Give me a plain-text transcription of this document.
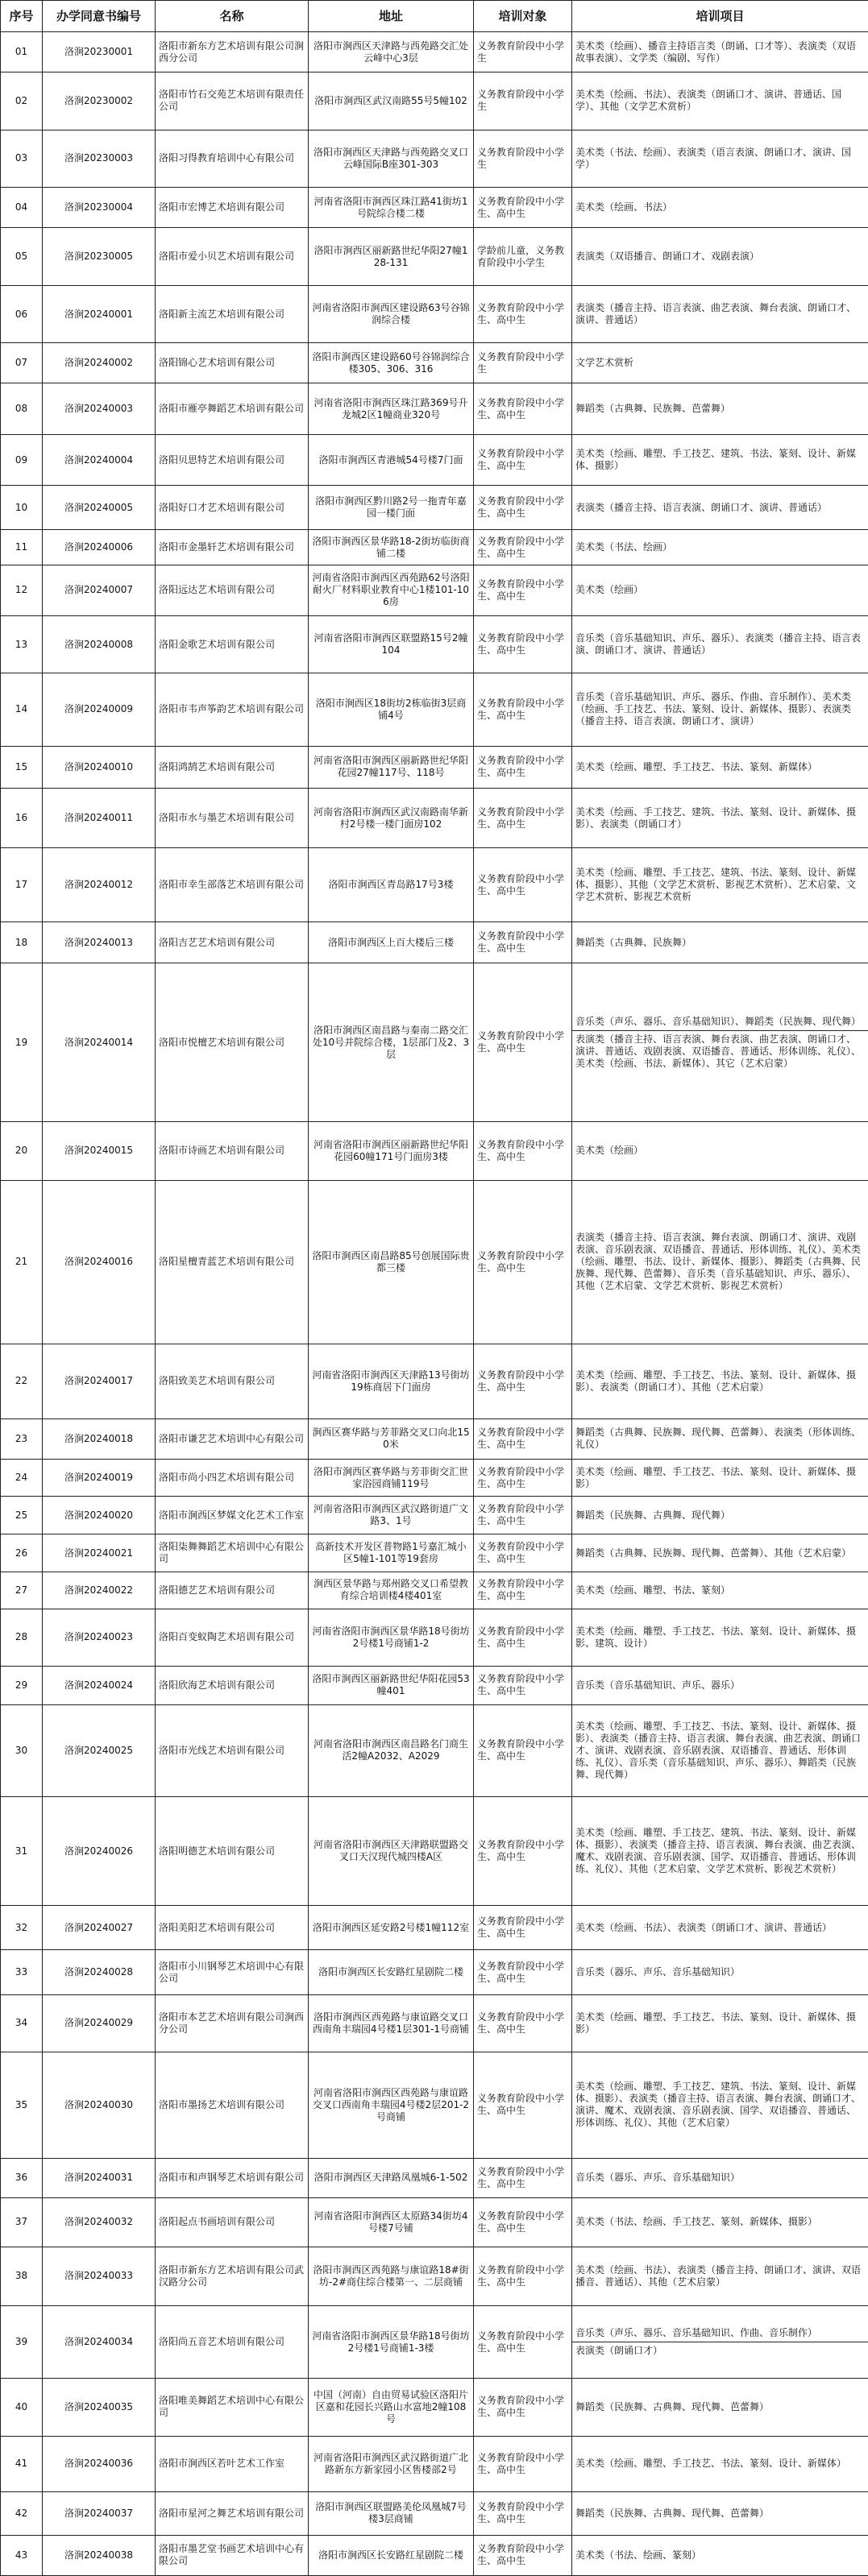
序号	办学同意书编号	名称	地址	培训对象	培训项目
01	洛涧20230001	洛阳市新东方艺术培训有限公司涧西分公司	洛阳市涧西区天津路与西苑路交汇处云峰中心3层	义务教育阶段中小学生	美术类（绘画）、播音主持语言类（朗诵、口才等）、表演类（双语故事表演）、文学类（编剧、写作）

02	洛涧20230002	洛阳市竹石交苑艺术培训有限责任公司	洛阳市涧西区武汉南路55号5幢102	义务教育阶段中小学生	美术类（绘画、书法）、表演类（朗诵口才、演讲、普通话、国学）、其他（文学艺术赏析）

03	洛涧20230003	洛阳习得教育培训中心有限公司	洛阳市涧西区天津路与西苑路交叉口云峰国际B座301-303	义务教育阶段中小学生	美术类（书法、绘画）、表演类（语言表演、朗诵口才、演讲、国学）

04	洛涧20230004	洛阳市宏博艺术培训有限公司	河南省洛阳市涧西区珠江路41街坊1号院综合楼二楼	义务教育阶段中小学生、高中生	美术类（绘画、书法）

05	洛涧20230005	洛阳市爱小贝艺术培训有限公司	洛阳市涧西区丽新路世纪华阳27幢128-131	学龄前儿童，义务教育阶段中小学生	表演类（双语播音、朗诵口才、戏剧表演）

06	洛涧20240001	洛阳新主流艺术培训有限公司	河南省洛阳市涧西区建设路63号谷锦润综合楼	义务教育阶段中小学生、高中生	表演类（播音主持、语言表演、曲艺表演、舞台表演、朗诵口才、演讲、普通话）

07	洛涧20240002	洛阳锦心艺术培训有限公司	洛阳市涧西区建设路60号谷锦润综合楼305、306、316	义务教育阶段中小学生	文学艺术赏析

08	洛涧20240003	洛阳市雁亭舞蹈艺术培训有限公司	河南省洛阳市涧西区珠江路369号升龙城2区1幢商业320号	义务教育阶段中小学生、高中生	舞蹈类（古典舞、民族舞、芭蕾舞）

09	洛涧20240004	洛阳贝思特艺术培训有限公司	洛阳市涧西区青港城54号楼7门面	义务教育阶段中小学生、高中生	美术类（绘画、雕塑、手工技艺、建筑、书法、篆刻、设计、新媒体、摄影）

10	洛涧20240005	洛阳好口才艺术培训有限公司	洛阳市涧西区黔川路2号一拖青年嘉园一楼门面	义务教育阶段中小学生、高中生	表演类（播音主持、语言表演、朗诵口才、演讲、普通话）

11	洛涧20240006	洛阳市金墨轩艺术培训有限公司	洛阳市涧西区景华路18-2街坊临街商铺二楼	义务教育阶段中小学生、高中生	美术类（书法、绘画）

12	洛涧20240007	洛阳远达艺术培训有限公司	河南省洛阳市涧西区西苑路62号洛阳耐火厂材料职业教育中心1楼101-106房	义务教育阶段中小学生、高中生	美术类（绘画）

13	洛涧20240008	洛阳金歌艺术培训有限公司	河南省洛阳市涧西区联盟路15号2幢104	义务教育阶段中小学生、高中生	音乐类（音乐基础知识、声乐、器乐）、表演类（播音主持、语言表演、朗诵口才、演讲、普通话）

14	洛涧20240009	洛阳市韦声筝韵艺术培训有限公司	洛阳市涧西区18街坊2栋临街3层商铺4号	义务教育阶段中小学生、高中生	音乐类（音乐基础知识、声乐、器乐、作曲、音乐制作）、美术类（绘画、手工技艺、书法、篆刻、设计、新媒体、摄影）、表演类（播音主持、语言表演、朗诵口才、演讲）

15	洛涧20240010	洛阳鸿鹄艺术培训有限公司	河南省洛阳市涧西区丽新路世纪华阳花园27幢117号、118号	义务教育阶段中小学生、高中生	美术类（绘画、雕塑、手工技艺、书法、篆刻、新媒体）

16	洛涧20240011	洛阳市水与墨艺术培训有限公司	河南省洛阳市涧西区武汉南路南华新村2号楼一楼门面房102	义务教育阶段中小学生、高中生	美术类（绘画、手工技艺、建筑、书法、篆刻、设计、新媒体、摄影）、表演类（朗诵口才）

17	洛涧20240012	洛阳市幸生部落艺术培训有限公司	洛阳市涧西区青岛路17号3楼	义务教育阶段中小学生、高中生	美术类（绘画、雕塑、手工技艺、建筑、书法、篆刻、设计、新媒体、摄影）、其他（文学艺术赏析、影视艺术赏析）、艺术启蒙、文学艺术赏析、影视艺术赏析

18	洛涧20240013	洛阳吉艺艺术培训有限公司	洛阳市涧西区上百大楼后三楼	义务教育阶段中小学生、高中生	舞蹈类（古典舞、民族舞）

19	洛涧20240014	洛阳市悦檀艺术培训有限公司	洛阳市涧西区南昌路与秦南二路交汇处10号并院综合楼，1层部门及2、3层	义务教育阶段中小学生、高中生	音乐类（声乐、器乐、音乐基础知识）、舞蹈类（民族舞、现代舞）
表演类（播音主持、语言表演、舞台表演、曲艺表演、朗诵口才、演讲、普通话、戏剧表演、双语播音、普通话、形体训练、礼仪）、美术类（绘画、书法、新媒体）、其它（艺术启蒙）

20	洛涧20240015	洛阳市诗画艺术培训有限公司	河南省洛阳市涧西区丽新路世纪华阳花园60幢171号门面房3楼	义务教育阶段中小学生、高中生	美术类（绘画）

21	洛涧20240016	洛阳星檀青蓝艺术培训有限公司	洛阳市涧西区南昌路85号创展国际贵都三楼	义务教育阶段中小学生、高中生	表演类（播音主持、语言表演、舞台表演、朗诵口才、演讲、戏剧表演、音乐剧表演、双语播音、普通话、形体训练、礼仪）、美术类（绘画、雕塑、书法、设计、新媒体、摄影）、舞蹈类（古典舞、民族舞、现代舞、芭蕾舞）、音乐类（音乐基础知识、声乐、器乐）、其他（艺术启蒙、文学艺术赏析、影视艺术赏析）

22	洛涧20240017	洛阳致美艺术培训有限公司	河南省洛阳市涧西区天津路13号街坊19栋商居下门面房	义务教育阶段中小学生、高中生	美术类（绘画、雕塑、手工技艺、书法、篆刻、设计、新媒体、摄影）、表演类（朗诵口才）、其他（艺术启蒙）

23	洛涧20240018	洛阳市谦艺艺术培训中心有限公司	涧西区赛华路与芳菲路交叉口向北150米	义务教育阶段中小学生、高中生	舞蹈类（古典舞、民族舞、现代舞、芭蕾舞）、表演类（形体训练、礼仪）

24	洛涧20240019	洛阳市尚小四艺术培训有限公司	洛阳市涧西区赛华路与芳菲街交汇世家浴园商铺119号	义务教育阶段中小学生、高中生	美术类（绘画、雕塑、手工技艺、书法、篆刻、设计、新媒体、摄影）

25	洛涧20240020	洛阳市涧西区梦媒文化艺术工作室	河南省洛阳市涧西区武汉路街道广文路3、1号	义务教育阶段中小学生、高中生	舞蹈类（民族舞、古典舞、现代舞）

26	洛涧20240021	洛阳柒舞舞蹈艺术培训中心有限公司	高新技术开发区普物路1号嘉汇城小区5幢1-101等19套房	义务教育阶段中小学生、高中生	舞蹈类（古典舞、民族舞、现代舞、芭蕾舞）、其他（艺术启蒙）

27	洛涧20240022	洛阳德艺艺术培训有限公司	涧西区景华路与郑州路交叉口希望教育综合培训楼4楼401室	义务教育阶段中小学生、高中生	美术类（绘画、雕塑、书法、篆刻）

28	洛涧20240023	洛阳百变蚁陶艺术培训有限公司	河南省洛阳市涧西区景华路18号街坊2号楼1号商铺1-2	义务教育阶段中小学生、高中生	美术类（绘画、雕塑、手工技艺、书法、篆刻、设计、新媒体、摄影、建筑、设计）

29	洛涧20240024	洛阳欣海艺术培训有限公司	洛阳市涧西区丽新路世纪华阳花园53幢401	义务教育阶段中小学生、高中生	音乐类（音乐基础知识、声乐、器乐）

30	洛涧20240025	洛阳市光线艺术培训有限公司	河南省洛阳市涧西区南昌路名门商生活2幢A2032、A2029	义务教育阶段中小学生、高中生	美术类（绘画、雕塑、手工技艺、书法、篆刻、设计、新媒体、摄影）、表演类（播音主持、语言表演、舞台表演、曲艺表演、朗诵口才、演讲、戏剧表演、音乐剧表演、双语播音、普通话、形体训练、礼仪）、音乐类（音乐基础知识、声乐、器乐）、舞蹈类（民族舞、现代舞）

31	洛涧20240026	洛阳明德艺术培训有限公司	河南省洛阳市涧西区天津路联盟路交叉口天汉现代城四楼A区	义务教育阶段中小学生、高中生	美术类（绘画、雕塑、手工技艺、建筑、书法、篆刻、设计、新媒体、摄影）、表演类（播音主持、语言表演、舞台表演、曲艺表演、魔术、戏剧表演、音乐剧表演、国学、双语播音、普通话、形体训练、礼仪）、其他（艺术启蒙、文学艺术赏析、影视艺术赏析）

32	洛涧20240027	洛阳美阳艺术培训有限公司	洛阳市涧西区延安路2号楼1幢112室	义务教育阶段中小学生、高中生	美术类（绘画、书法）、表演类（朗诵口才、演讲、普通话）

33	洛涧20240028	洛阳市小川钢琴艺术培训中心有限公司	洛阳市涧西区长安路红星剧院二楼	义务教育阶段中小学生、高中生	音乐类（器乐、声乐、音乐基础知识）

34	洛涧20240029	洛阳市本艺艺术培训有限公司涧西分公司	洛阳市涧西区西苑路与康谊路交叉口西南角丰瑞园4号楼1层301-1号商铺	义务教育阶段中小学生、高中生	美术类（绘画、雕塑、手工技艺、书法、篆刻、设计、新媒体、摄影）

35	洛涧20240030	洛阳市墨扬艺术培训有限公司	河南省洛阳市涧西区西苑路与康谊路交叉口西南角丰瑞园4号楼2层201-2号商铺	义务教育阶段中小学生、高中生	美术类（绘画、雕塑、手工技艺、建筑、书法、篆刻、设计、新媒体、摄影）、表演类（播音主持、语言表演、舞台表演、朗诵口才、演讲、魔术、戏剧表演、音乐剧表演、国学、双语播音、普通话、形体训练、礼仪）、其他（艺术启蒙）

36	洛涧20240031	洛阳市和声钢琴艺术培训有限公司	洛阳市涧西区天津路凤凰城6-1-502	义务教育阶段中小学生、高中生	音乐类（器乐、声乐、音乐基础知识）

37	洛涧20240032	洛阳起点书画培训有限公司	河南省洛阳市涧西区太原路34街坊4号楼7号铺	义务教育阶段中小学生、高中生	美术类（书法、绘画、手工技艺、篆刻、新媒体、摄影）

38	洛涧20240033	洛阳市新东方艺术培训有限公司武汉路分公司	洛阳市涧西区西苑路与康谊路18#街坊-2#商住综合楼第一、二层商铺	义务教育阶段中小学生、高中生	美术类（绘画、书法）、表演类（播音主持、朗诵口才、演讲、双语播音、普通话）、其他（艺术启蒙）

39	洛涧20240034	洛阳尚五音艺术培训有限公司	河南省洛阳市涧西区景华路18号街坊2号楼1号商铺1-3楼	义务教育阶段中小学生、高中生	音乐类（声乐、器乐、音乐基础知识、作曲、音乐制作）
表演类（朗诵口才）

40	洛涧20240035	洛阳唯美舞蹈艺术培训中心有限公司	中国（河南）自由贸易试验区洛阳片区嘉和花园长兴路山水富地2幢108号	义务教育阶段中小学生、高中生	舞蹈类（民族舞、古典舞、现代舞、芭蕾舞）

41	洛涧20240036	洛阳市涧西区若叶艺术工作室	河南省洛阳市涧西区武汉路街道广北路新东方新家园小区售楼部2号	义务教育阶段中小学生、高中生	美术类（绘画、雕塑、手工技艺、书法、篆刻、设计、新媒体）

42	洛涧20240037	洛阳市星河之舞艺术培训有限公司	洛阳市涧西区联盟路美伦凤凰城7号楼3层商铺	义务教育阶段中小学生、高中生	舞蹈类（民族舞、古典舞、现代舞、芭蕾舞）

43	洛涧20240038	洛阳市墨艺堂书画艺术培训中心有限公司	洛阳市涧西区长安路红星剧院二楼	义务教育阶段中小学生、高中生	美术类（书法、绘画、篆刻）
